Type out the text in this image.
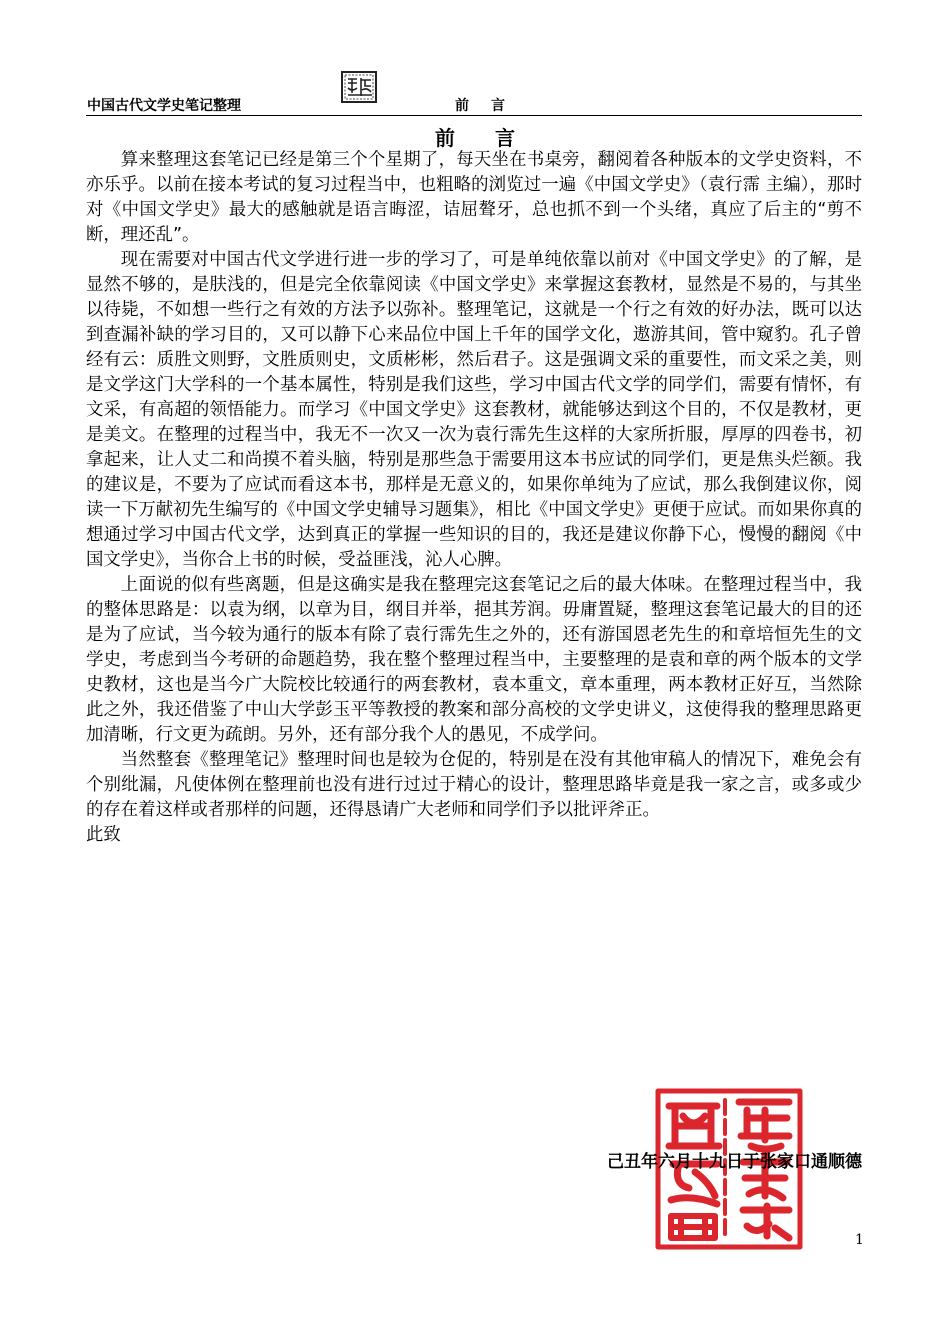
中国古代文学史笔记整理	前言
前言

算来整理这套笔记已经是第三个个星期了，每天坐在书桌旁，翻阅着各种版本的文学史资料，不亦乐乎。以前在接本考试的复习过程当中，也粗略的浏览过一遍《中国文学史》（袁行霈 主编），那时对《中国文学史》最大的感触就是语言晦涩，诘屈聱牙，总也抓不到一个头绪，真应了后主的“剪不断，理还乱”。

现在需要对中国古代文学进行进一步的学习了，可是单纯依靠以前对《中国文学史》的了解，是显然不够的，是肤浅的，但是完全依靠阅读《中国文学史》来掌握这套教材，显然是不易的，与其坐以待毙，不如想一些行之有效的方法予以弥补。整理笔记，这就是一个行之有效的好办法，既可以达到查漏补缺的学习目的，又可以静下心来品位中国上千年的国学文化，遨游其间，管中窥豹。孔子曾经有云：质胜文则野，文胜质则史，文质彬彬，然后君子。这是强调文采的重要性，而文采之美，则是文学这门大学科的一个基本属性，特别是我们这些，学习中国古代文学的同学们，需要有情怀，有文采，有高超的领悟能力。而学习《中国文学史》这套教材，就能够达到这个目的，不仅是教材，更是美文。在整理的过程当中，我无不一次又一次为袁行霈先生这样的大家所折服，厚厚的四卷书，初拿起来，让人丈二和尚摸不着头脑，特别是那些急于需要用这本书应试的同学们，更是焦头烂额。我的建议是，不要为了应试而看这本书，那样是无意义的，如果你单纯为了应试，那么我倒建议你，阅读一下万献初先生编写的《中国文学史辅导习题集》，相比《中国文学史》更便于应试。而如果你真的想通过学习中国古代文学，达到真正的掌握一些知识的目的，我还是建议你静下心，慢慢的翻阅《中国文学史》，当你合上书的时候，受益匪浅，沁人心脾。

上面说的似有些离题，但是这确实是我在整理完这套笔记之后的最大体味。在整理过程当中，我的整体思路是：以袁为纲，以章为目，纲目并举，挹其芳润。毋庸置疑，整理这套笔记最大的目的还是为了应试，当今较为通行的版本有除了袁行霈先生之外的，还有游国恩老先生的和章培恒先生的文学史，考虑到当今考研的命题趋势，我在整个整理过程当中，主要整理的是袁和章的两个版本的文学史教材，这也是当今广大院校比较通行的两套教材，袁本重文，章本重理，两本教材正好互，当然除此之外，我还借鉴了中山大学彭玉平等教授的教案和部分高校的文学史讲义，这使得我的整理思路更加清晰，行文更为疏朗。另外，还有部分我个人的愚见，不成学问。

当然整套《整理笔记》整理时间也是较为仓促的，特别是在没有其他审稿人的情况下，难免会有个别纰漏，凡使体例在整理前也没有进行过过于精心的设计，整理思路毕竟是我一家之言，或多或少的存在着这样或者那样的问题，还得恳请广大老师和同学们予以批评斧正。

此致

己丑年六月十九日于张家口通顺德
1
